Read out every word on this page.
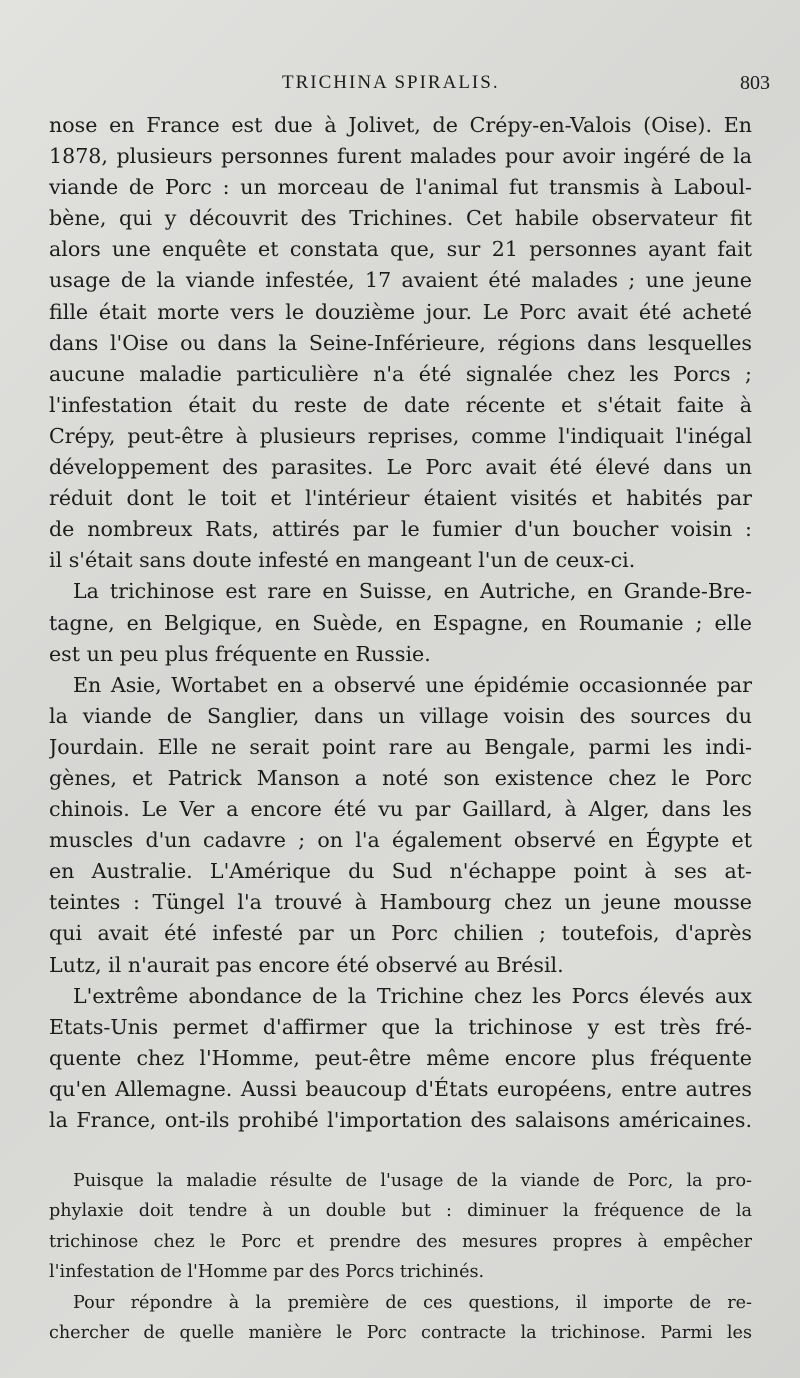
TRICHINA SPIRALIS.	803
nose en France est due à Jolivet, de Crépy-en-Valois (Oise). En
1878, plusieurs personnes furent malades pour avoir ingéré de la
viande de Porc : un morceau de l'animal fut transmis à Laboul-
bène, qui y découvrit des Trichines. Cet habile observateur fit
alors une enquête et constata que, sur 21 personnes ayant fait
usage de la viande infestée, 17 avaient été malades ; une jeune
fille était morte vers le douzième jour. Le Porc avait été acheté
dans l'Oise ou dans la Seine-Inférieure, régions dans lesquelles
aucune maladie particulière n'a été signalée chez les Porcs ;
l'infestation était du reste de date récente et s'était faite à
Crépy, peut-être à plusieurs reprises, comme l'indiquait l'inégal
développement des parasites. Le Porc avait été élevé dans un
réduit dont le toit et l'intérieur étaient visités et habités par
de nombreux Rats, attirés par le fumier d'un boucher voisin :
il s'était sans doute infesté en mangeant l'un de ceux-ci.
La trichinose est rare en Suisse, en Autriche, en Grande-Bre-
tagne, en Belgique, en Suède, en Espagne, en Roumanie ; elle
est un peu plus fréquente en Russie.
En Asie, Wortabet en a observé une épidémie occasionnée par
la viande de Sanglier, dans un village voisin des sources du
Jourdain. Elle ne serait point rare au Bengale, parmi les indi-
gènes, et Patrick Manson a noté son existence chez le Porc
chinois. Le Ver a encore été vu par Gaillard, à Alger, dans les
muscles d'un cadavre ; on l'a également observé en Égypte et
en Australie. L'Amérique du Sud n'échappe point à ses at-
teintes : Tüngel l'a trouvé à Hambourg chez un jeune mousse
qui avait été infesté par un Porc chilien ; toutefois, d'après
Lutz, il n'aurait pas encore été observé au Brésil.
L'extrême abondance de la Trichine chez les Porcs élevés aux
Etats-Unis permet d'affirmer que la trichinose y est très fré-
quente chez l'Homme, peut-être même encore plus fréquente
qu'en Allemagne. Aussi beaucoup d'États européens, entre autres
la France, ont-ils prohibé l'importation des salaisons américaines.
Puisque la maladie résulte de l'usage de la viande de Porc, la pro-
phylaxie doit tendre à un double but : diminuer la fréquence de la
trichinose chez le Porc et prendre des mesures propres à empêcher
l'infestation de l'Homme par des Porcs trichinés.
Pour répondre à la première de ces questions, il importe de re-
chercher de quelle manière le Porc contracte la trichinose. Parmi les
